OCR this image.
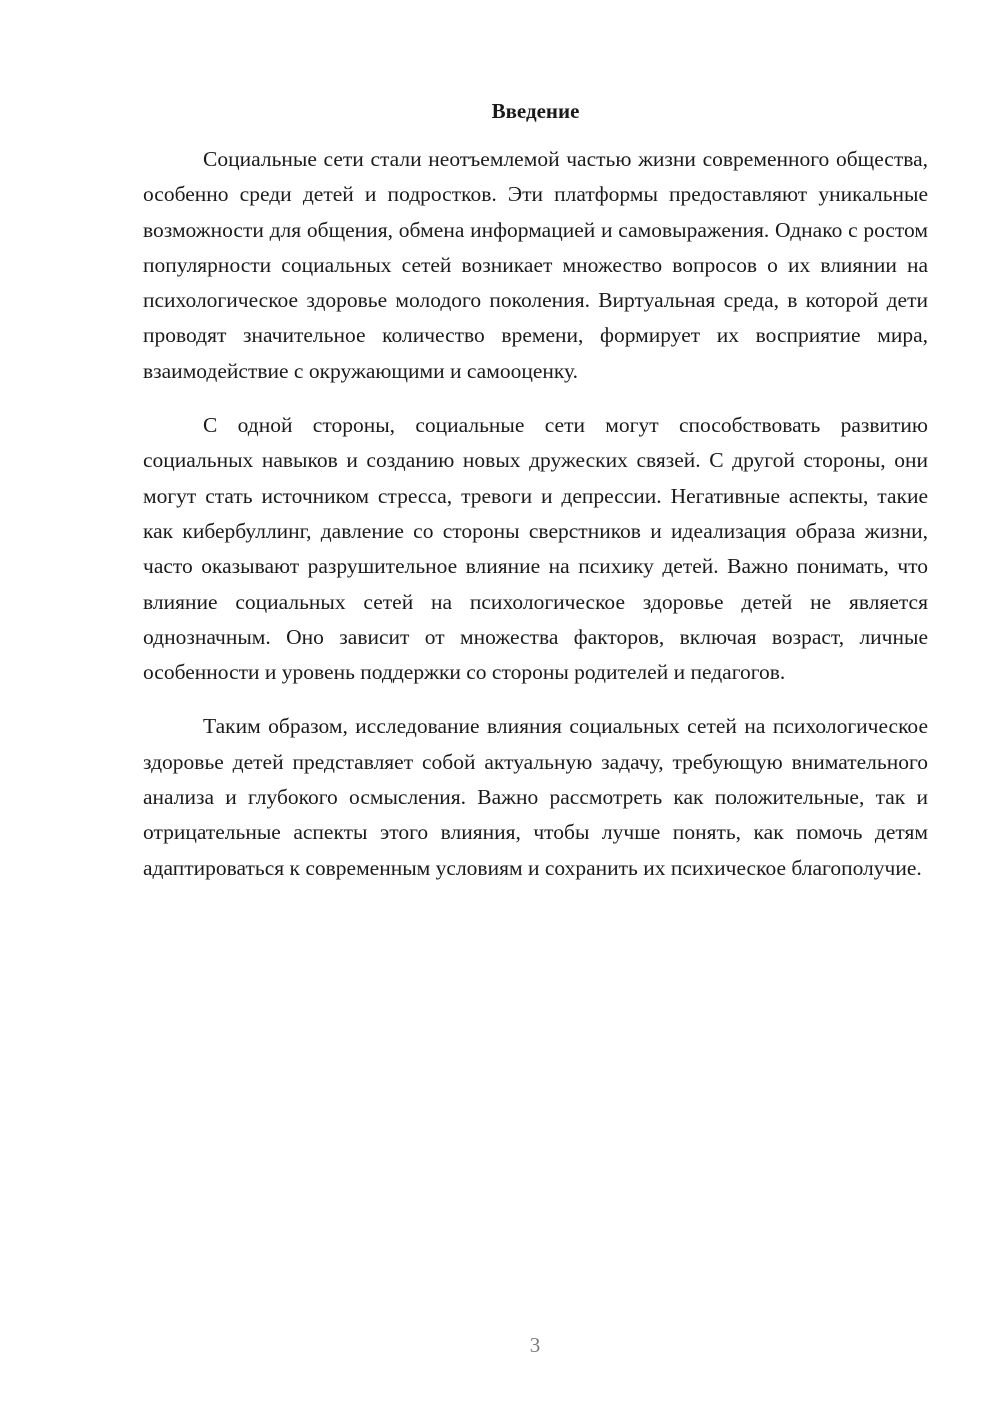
Введение

Социальные сети стали неотъемлемой частью жизни современного общества, особенно среди детей и подростков. Эти платформы предоставляют уникальные возможности для общения, обмена информацией и самовыражения. Однако с ростом популярности социальных сетей возникает множество вопросов о их влиянии на психологическое здоровье молодого поколения. Виртуальная среда, в которой дети проводят значительное количество времени, формирует их восприятие мира, взаимодействие с окружающими и самооценку.

С одной стороны, социальные сети могут способствовать развитию социальных навыков и созданию новых дружеских связей. С другой стороны, они могут стать источником стресса, тревоги и депрессии. Негативные аспекты, такие как кибербуллинг, давление со стороны сверстников и идеализация образа жизни, часто оказывают разрушительное влияние на психику детей. Важно понимать, что влияние социальных сетей на психологическое здоровье детей не является однозначным. Оно зависит от множества факторов, включая возраст, личные особенности и уровень поддержки со стороны родителей и педагогов.

Таким образом, исследование влияния социальных сетей на психологическое здоровье детей представляет собой актуальную задачу, требующую внимательного анализа и глубокого осмысления. Важно рассмотреть как положительные, так и отрицательные аспекты этого влияния, чтобы лучше понять, как помочь детям адаптироваться к современным условиям и сохранить их психическое благополучие.

3
